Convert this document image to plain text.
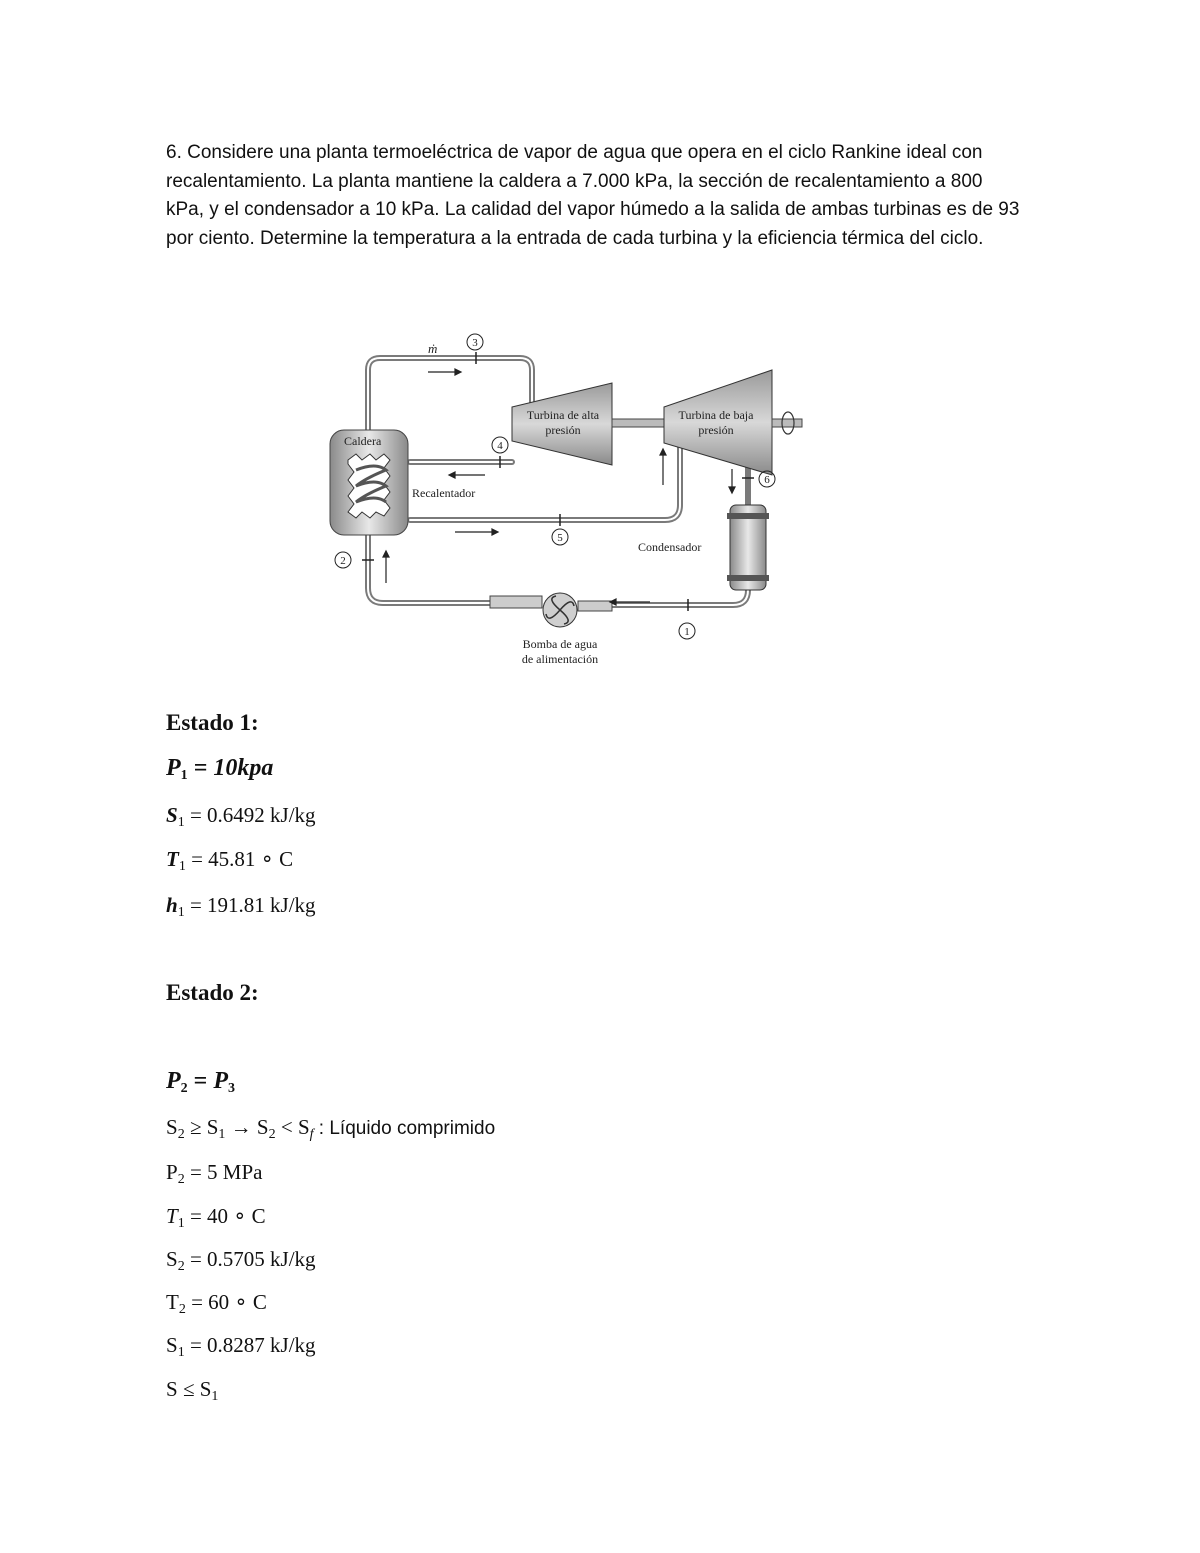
6. Considere una planta termoeléctrica de vapor de agua que opera en el ciclo Rankine ideal con
recalentamiento. La planta mantiene la caldera a 7.000 kPa, la sección de recalentamiento a 800
kPa, y el condensador a 10 kPa. La calidad del vapor húmedo a la salida de ambas turbinas es de 93
por ciento. Determine la temperatura a la entrada de cada turbina y la eficiencia térmica del ciclo.
Turbina de alta
presión
Turbina de baja
presión
Caldera
Recalentador
Condensador
Bomba de agua
de alimentación
3
4
5
6
1
2
ṁ
Estado 1:

$P_1 = 10kpa$

$S_1 = 0.6492$ kJ/kg

$T_1 = 45.81$ ∘ C

$h_1 = 191.81$ kJ/kg

Estado 2:

$P_2 = P_3$

$S_2 \ge S_1 \to S_2 < S_f$ : Líquido comprimido

$P_2 = 5$ MPa

$T_1 = 40$ ∘ C

$S_2 = 0.5705$ kJ/kg

$T_2 = 60$ ∘ C

$S_1 = 0.8287$ kJ/kg

$S \le S_1$
